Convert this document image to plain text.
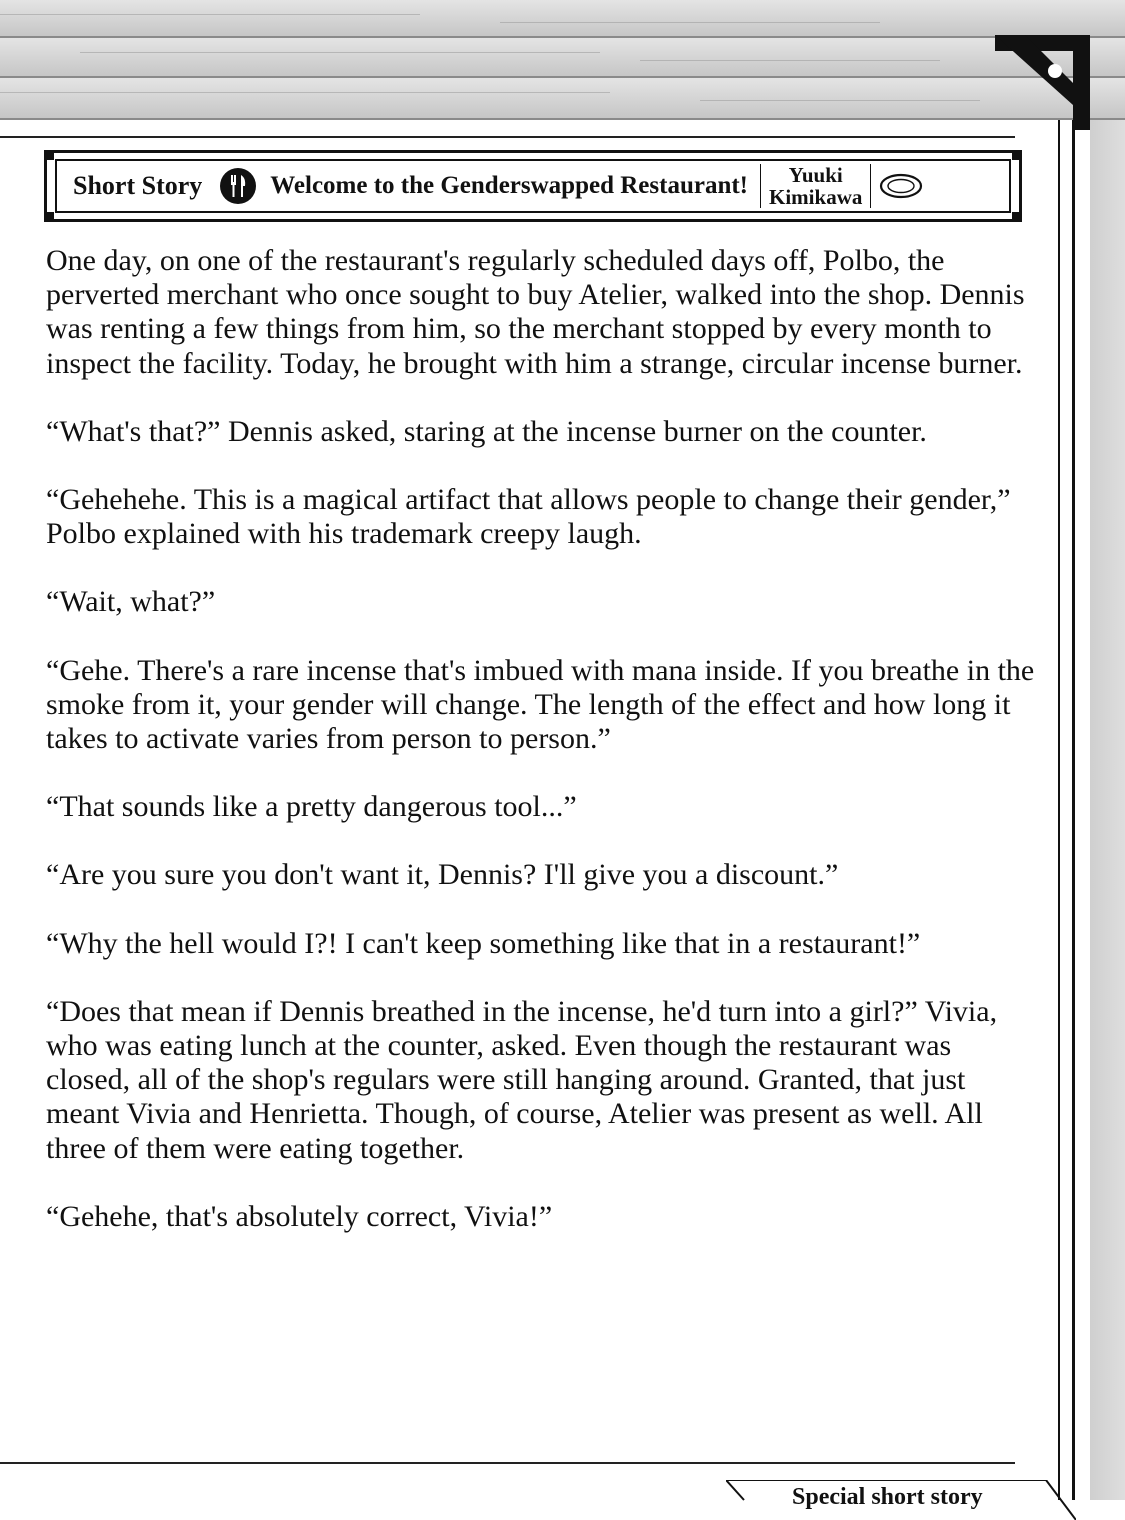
Short Story	Welcome to the Genderswapped Restaurant!	Yuuki
Kimikawa

One day, on one of the restaurant's regularly scheduled days off, Polbo, the perverted merchant who once sought to buy Atelier, walked into the shop. Dennis was renting a few things from him, so the merchant stopped by every month to inspect the facility. Today, he brought with him a strange, circular incense burner.

“What's that?” Dennis asked, staring at the incense burner on the counter.

“Gehehehe. This is a magical artifact that allows people to change their gender,” Polbo explained with his trademark creepy laugh.

“Wait, what?”

“Gehe. There's a rare incense that's imbued with mana inside. If you breathe in the smoke from it, your gender will change. The length of the effect and how long it takes to activate varies from person to person.”

“That sounds like a pretty dangerous tool...”

“Are you sure you don't want it, Dennis? I'll give you a discount.”

“Why the hell would I?! I can't keep something like that in a restaurant!”

“Does that mean if Dennis breathed in the incense, he'd turn into a girl?” Vivia, who was eating lunch at the counter, asked. Even though the restaurant was closed, all of the shop's regulars were still hanging around. Granted, that just meant Vivia and Henrietta. Though, of course, Atelier was present as well. All three of them were eating together.

“Gehehe, that's absolutely correct, Vivia!”

Special short story
